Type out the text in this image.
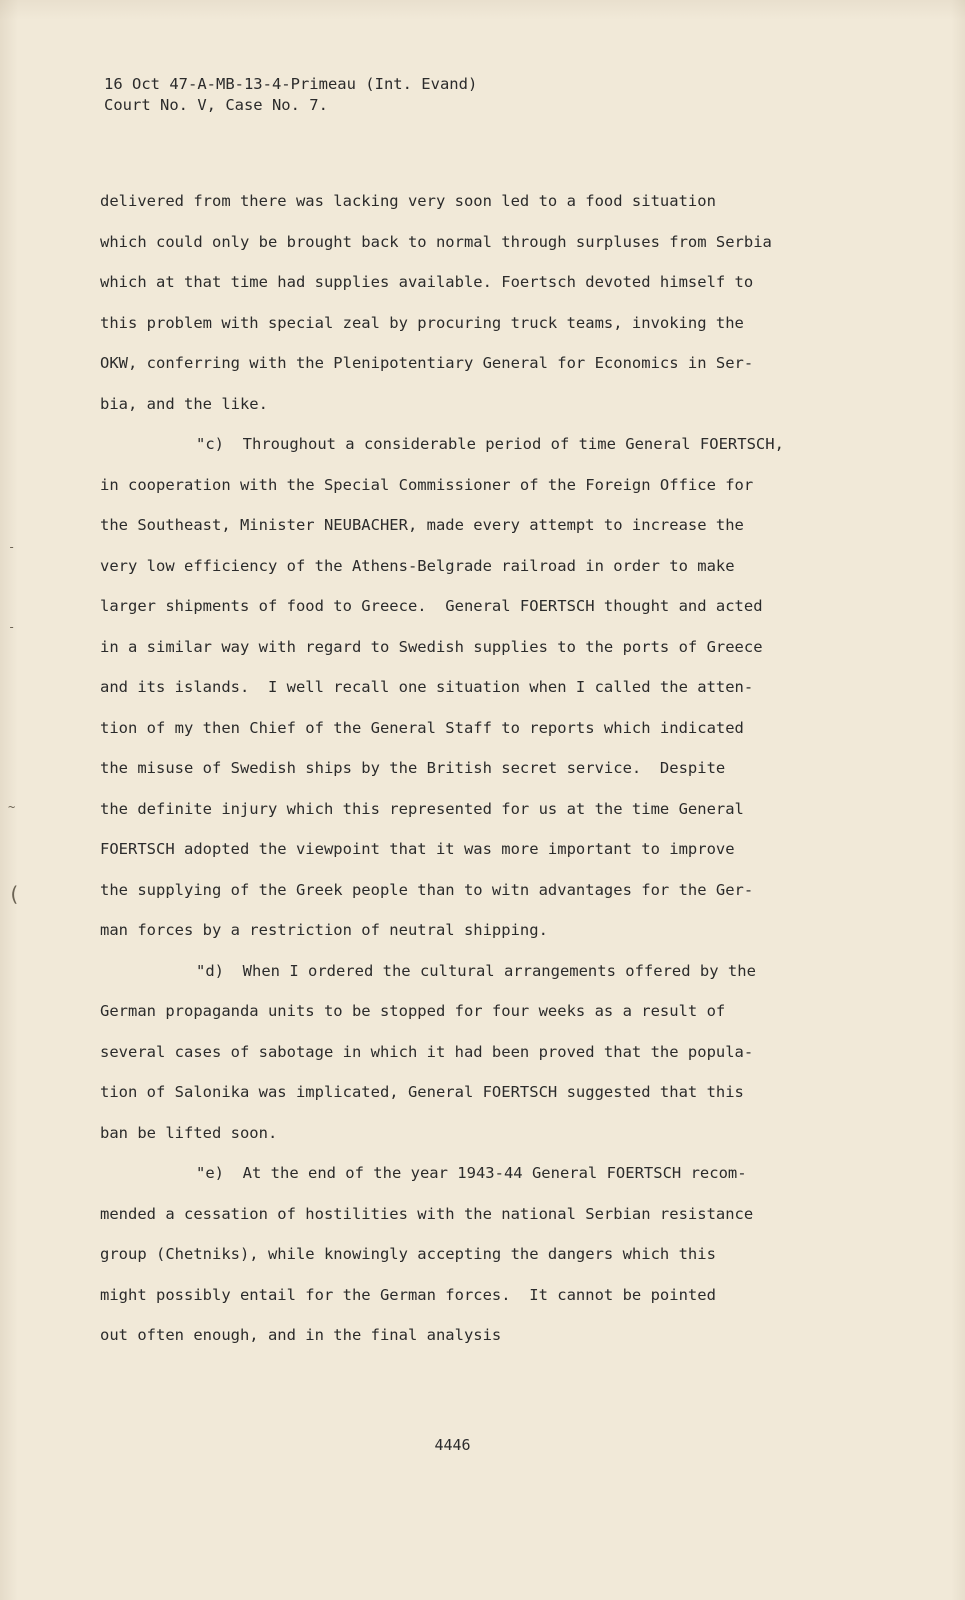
-
-
(
~
16 Oct 47-A-MB-13-4-Primeau (Int. Evand)
Court No. V, Case No. 7.
delivered from there was lacking very soon led to a food situation
which could only be brought back to normal through surpluses from Serbia
which at that time had supplies available. Foertsch devoted himself to
this problem with special zeal by procuring truck teams, invoking the
OKW, conferring with the Plenipotentiary General for Economics in Ser-
bia, and the like.
"c)  Throughout a considerable period of time General FOERTSCH,
in cooperation with the Special Commissioner of the Foreign Office for
the Southeast, Minister NEUBACHER, made every attempt to increase the
very low efficiency of the Athens-Belgrade railroad in order to make
larger shipments of food to Greece.  General FOERTSCH thought and acted
in a similar way with regard to Swedish supplies to the ports of Greece
and its islands.  I well recall one situation when I called the atten-
tion of my then Chief of the General Staff to reports which indicated
the misuse of Swedish ships by the British secret service.  Despite
the definite injury which this represented for us at the time General
FOERTSCH adopted the viewpoint that it was more important to improve
the supplying of the Greek people than to witn advantages for the Ger-
man forces by a restriction of neutral shipping.
"d)  When I ordered the cultural arrangements offered by the
German propaganda units to be stopped for four weeks as a result of
several cases of sabotage in which it had been proved that the popula-
tion of Salonika was implicated, General FOERTSCH suggested that this
ban be lifted soon.
"e)  At the end of the year 1943-44 General FOERTSCH recom-
mended a cessation of hostilities with the national Serbian resistance
group (Chetniks), while knowingly accepting the dangers which this
might possibly entail for the German forces.  It cannot be pointed
out often enough, and in the final analysis
4446
